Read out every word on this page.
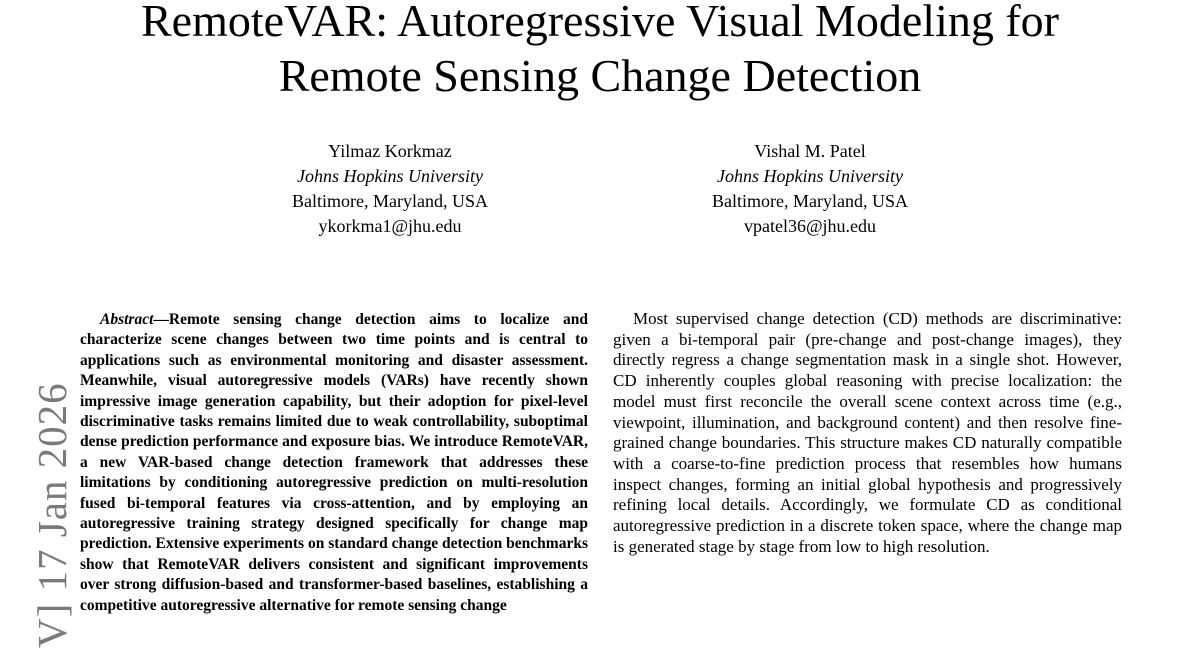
RemoteVAR: Autoregressive Visual Modeling for
Remote Sensing Change Detection
Yilmaz Korkmaz
Johns Hopkins University
Baltimore, Maryland, USA
ykorkma1@jhu.edu
Vishal M. Patel
Johns Hopkins University
Baltimore, Maryland, USA
vpatel36@jhu.edu
V] 17 Jan 2026

Abstract—Remote sensing change detection aims to localize and characterize scene changes between two time points and is central to applications such as environmental monitoring and disaster assessment. Meanwhile, visual autoregressive models (VARs) have recently shown impressive image generation capability, but their adoption for pixel-level discriminative tasks remains limited due to weak controllability, suboptimal dense prediction performance and exposure bias. We introduce RemoteVAR, a new VAR-based change detection framework that addresses these limitations by conditioning autoregressive prediction on multi-resolution fused bi-temporal features via cross-attention, and by employing an autoregressive training strategy designed specifically for change map prediction. Extensive experiments on standard change detection benchmarks show that RemoteVAR delivers consistent and significant improvements over strong diffusion-based and transformer-based baselines, establishing a competitive autoregressive alternative for remote sensing change

Most supervised change detection (CD) methods are discriminative: given a bi-temporal pair (pre-change and post-change images), they directly regress a change segmentation mask in a single shot. However, CD inherently couples global reasoning with precise localization: the model must first reconcile the overall scene context across time (e.g., viewpoint, illumination, and background content) and then resolve fine-grained change boundaries. This structure makes CD naturally compatible with a coarse-to-fine prediction process that resembles how humans inspect changes, forming an initial global hypothesis and progressively refining local details. Accordingly, we formulate CD as conditional autoregressive prediction in a discrete token space, where the change map is generated stage by stage from low to high resolution.
